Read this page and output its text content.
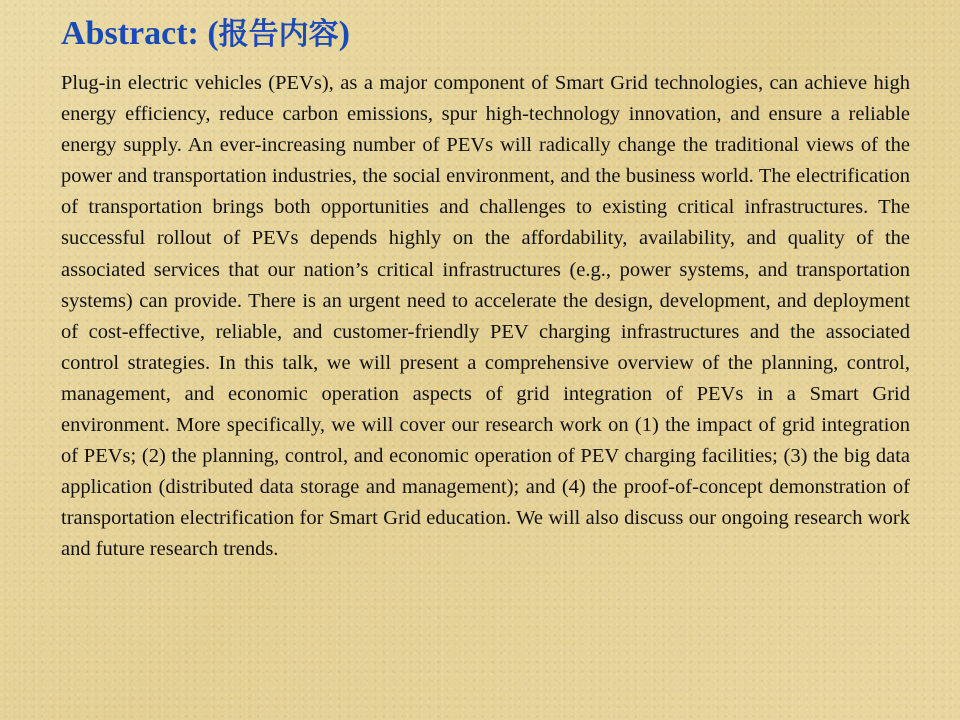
Abstract: (报告内容)

Plug-in electric vehicles (PEVs), as a major component of Smart Grid technologies, can achieve high energy efficiency, reduce carbon emissions, spur high-technology innovation, and ensure a reliable energy supply. An ever-increasing number of PEVs will radically change the traditional views of the power and transportation industries, the social environment, and the business world. The electrification of transportation brings both opportunities and challenges to existing critical infrastructures. The successful rollout of PEVs depends highly on the affordability, availability, and quality of the associated services that our nation’s critical infrastructures (e.g., power systems, and transportation systems) can provide. There is an urgent need to accelerate the design, development, and deployment of cost-effective, reliable, and customer-friendly PEV charging infrastructures and the associated control strategies. In this talk, we will present a comprehensive overview of the planning, control, management, and economic operation aspects of grid integration of PEVs in a Smart Grid environment. More specifically, we will cover our research work on (1) the impact of grid integration of PEVs; (2) the planning, control, and economic operation of PEV charging facilities; (3) the big data application (distributed data storage and management); and (4) the proof-of-concept demonstration of transportation electrification for Smart Grid education. We will also discuss our ongoing research work and future research trends.
